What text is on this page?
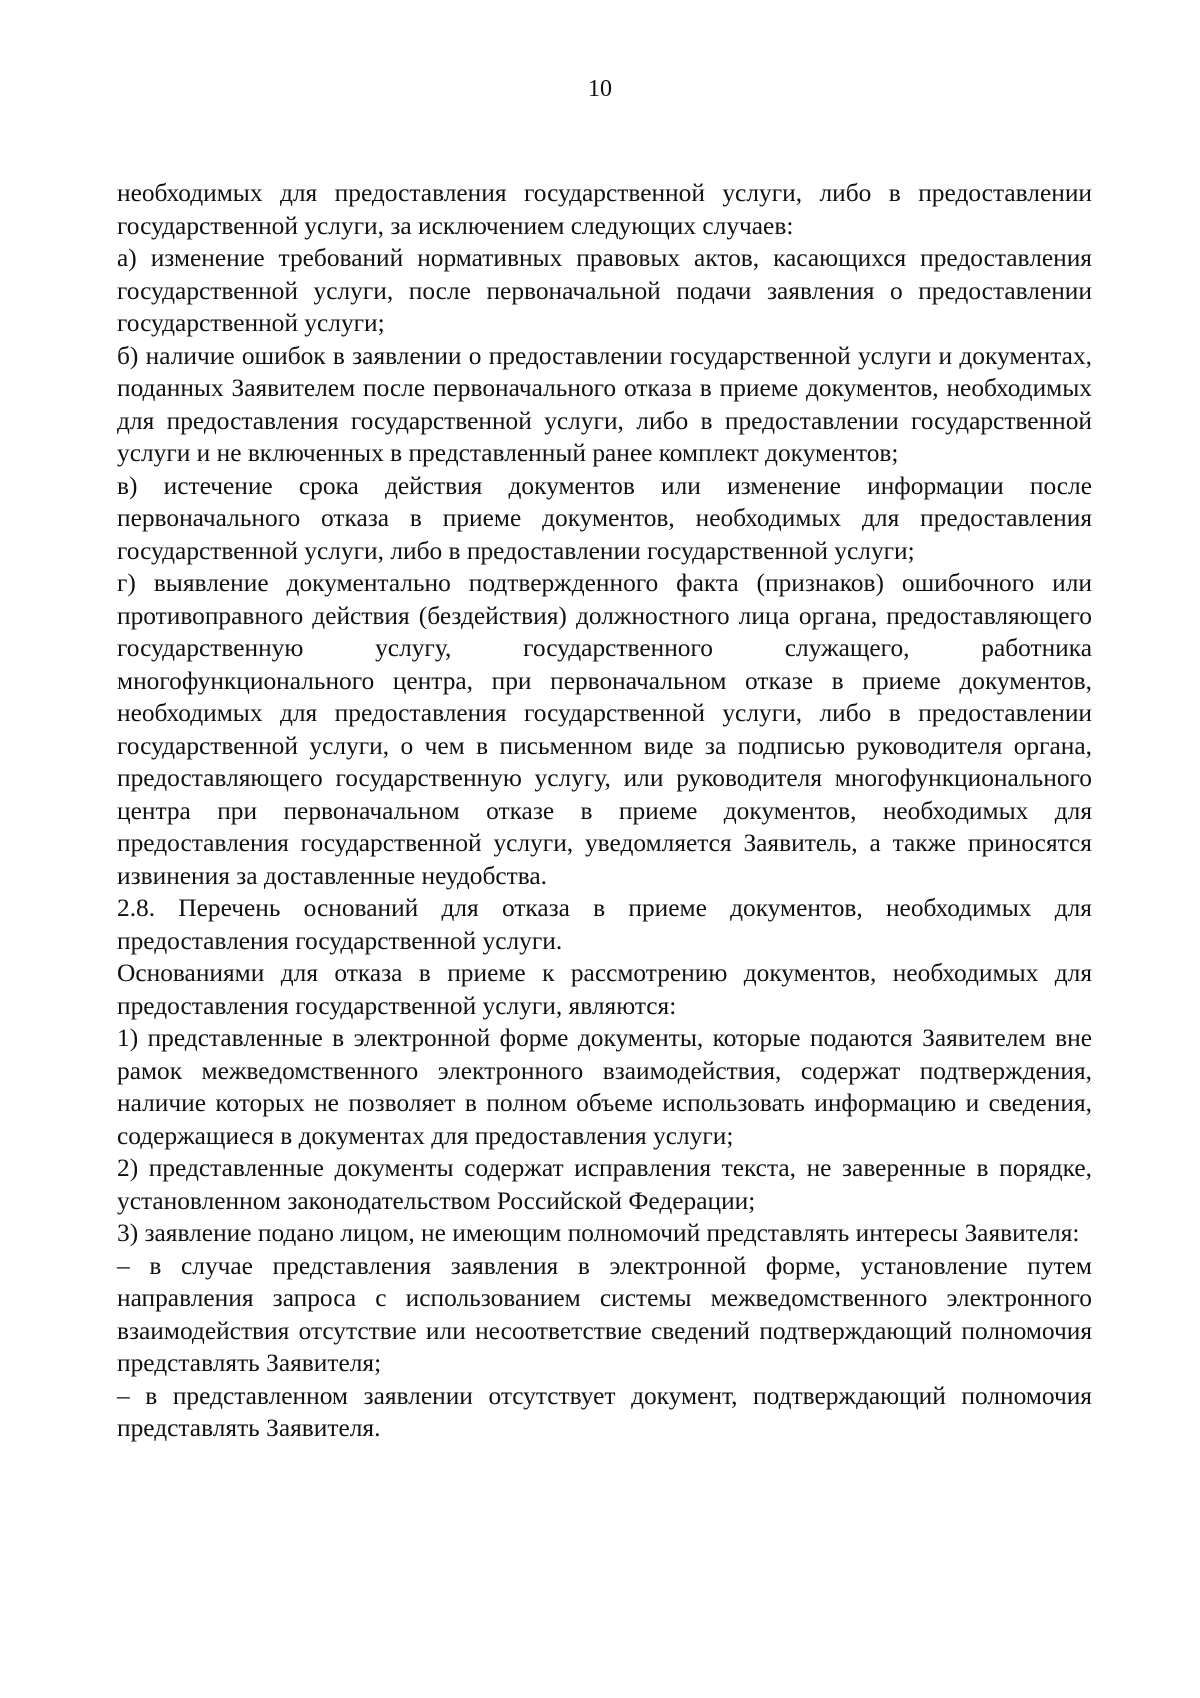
10

необходимых для предоставления государственной услуги, либо в предоставлении государственной услуги, за исключением следующих случаев:

а) изменение требований нормативных правовых актов, касающихся предоставления государственной услуги, после первоначальной подачи заявления о предоставлении государственной услуги;

б) наличие ошибок в заявлении о предоставлении государственной услуги и документах, поданных Заявителем после первоначального отказа в приеме документов, необходимых для предоставления государственной услуги, либо в предоставлении государственной услуги и не включенных в представленный ранее комплект документов;

в) истечение срока действия документов или изменение информации после первоначального отказа в приеме документов, необходимых для предоставления государственной услуги, либо в предоставлении государственной услуги;

г) выявление документально подтвержденного факта (признаков) ошибочного или противоправного действия (бездействия) должностного лица органа, предоставляющего государственную услугу, государственного служащего, работника многофункционального центра, при первоначальном отказе в приеме документов, необходимых для предоставления государственной услуги, либо в предоставлении государственной услуги, о чем в письменном виде за подписью руководителя органа, предоставляющего государственную услугу, или руководителя многофункционального центра при первоначальном отказе в приеме документов, необходимых для предоставления государственной услуги, уведомляется Заявитель, а также приносятся извинения за доставленные неудобства.

2.8. Перечень оснований для отказа в приеме документов, необходимых для предоставления государственной услуги.

Основаниями для отказа в приеме к рассмотрению документов, необходимых для предоставления государственной услуги, являются:

1) представленные в электронной форме документы, которые подаются Заявителем вне рамок межведомственного электронного взаимодействия, содержат подтверждения, наличие которых не позволяет в полном объеме использовать информацию и сведения, содержащиеся в документах для предоставления услуги;

2) представленные документы содержат исправления текста, не заверенные в порядке, установленном законодательством Российской Федерации;

3) заявление подано лицом, не имеющим полномочий представлять интересы Заявителя:

– в случае представления заявления в электронной форме, установление путем направления запроса с использованием системы межведомственного электронного взаимодействия отсутствие или несоответствие сведений подтверждающий полномочия представлять Заявителя;

– в представленном заявлении отсутствует документ, подтверждающий полномочия представлять Заявителя.
